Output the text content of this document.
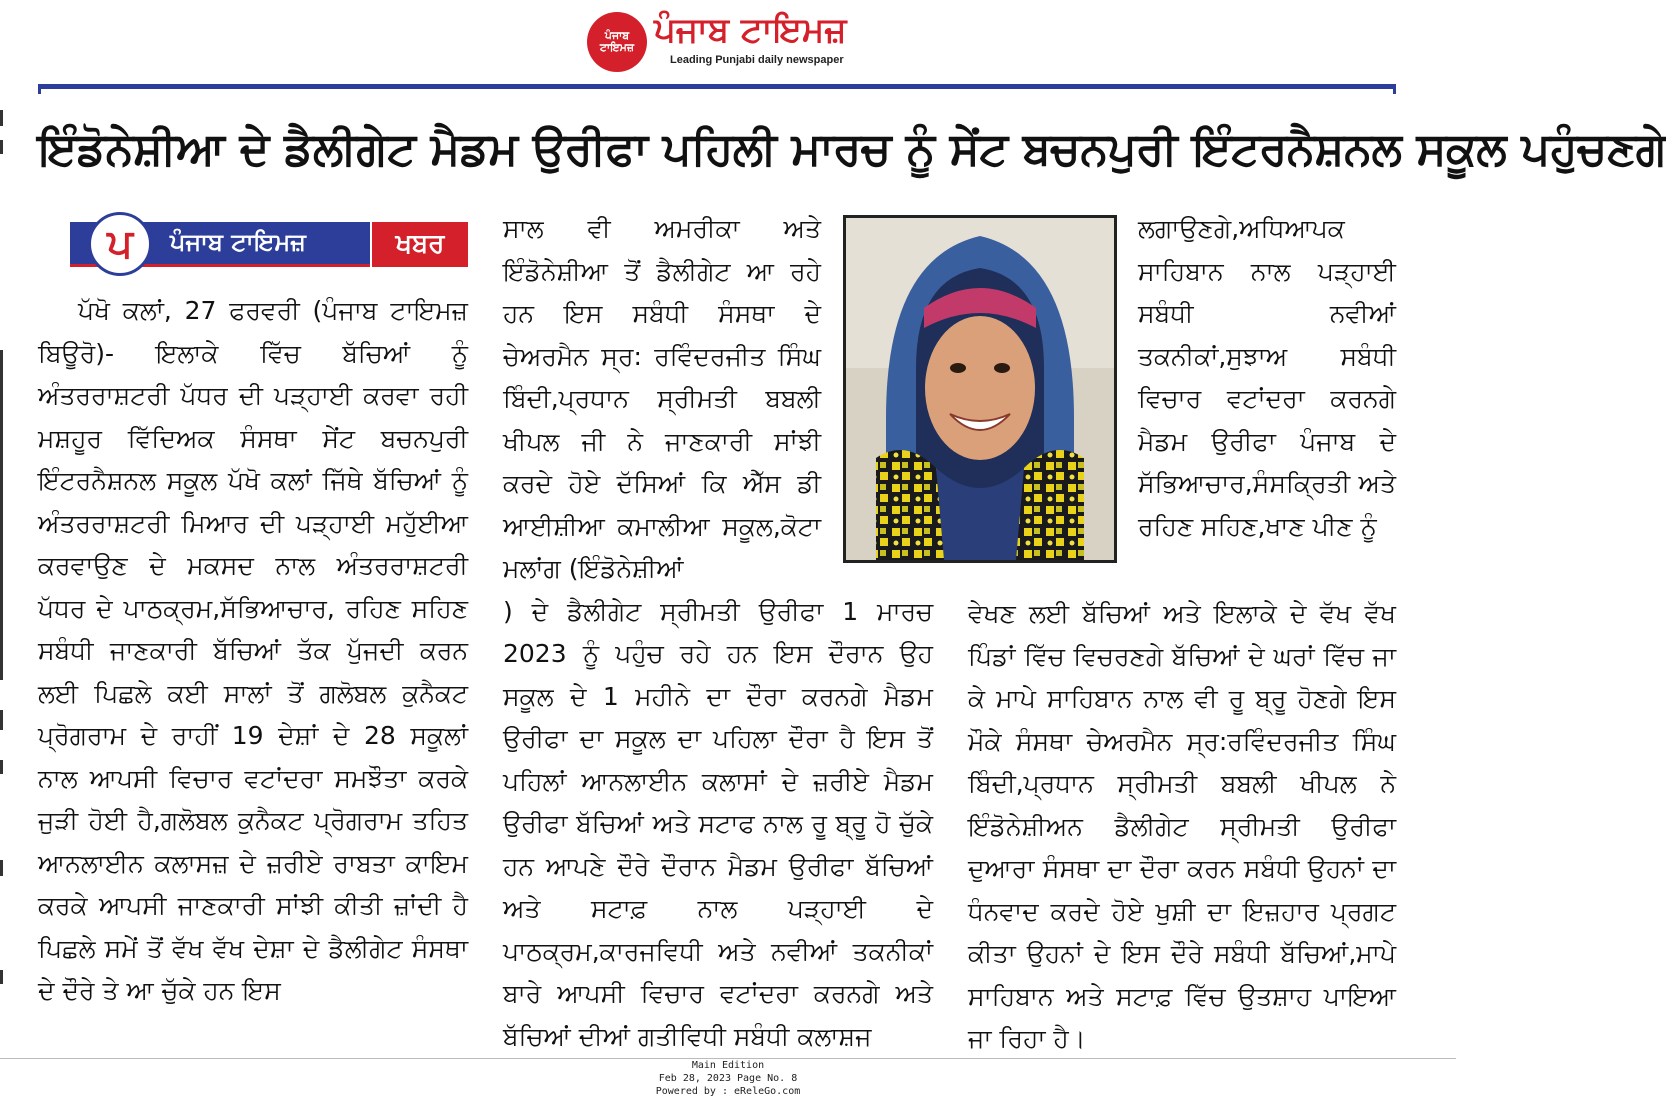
ਪੰਜਾਬ ਟਾਇਮਜ਼ ਪੰਜਾਬ ਟਾਇਮਜ਼
Leading Punjabi daily newspaper
ਇੰਡੋਨੇਸ਼ੀਆ ਦੇ ਡੈਲੀਗੇਟ ਮੈਡਮ ਉਰੀਫਾ ਪਹਿਲੀ ਮਾਰਚ ਨੂੰ ਸੇਂਟ ਬਚਨਪੁਰੀ ਇੰਟਰਨੈਸ਼ਨਲ ਸਕੂਲ ਪਹੁੰਚਣਗੇ
ਪ	ਪੰਜਾਬ ਟਾਇਮਜ਼	ਖਬਰ
ਪੱਖੋ ਕਲਾਂ, 27 ਫਰਵਰੀ (ਪੰਜਾਬ ਟਾਇਮਜ਼ ਬਿਊਰੋ)- ਇਲਾਕੇ ਵਿੱਚ ਬੱਚਿਆਂ ਨੂੰ ਅੰਤਰਰਾਸ਼ਟਰੀ ਪੱਧਰ ਦੀ ਪੜ੍ਹਾਈ ਕਰਵਾ ਰਹੀ ਮਸ਼ਹੂਰ ਵਿੱਦਿਅਕ ਸੰਸਥਾ ਸੇਂਟ ਬਚਨਪੁਰੀ ਇੰਟਰਨੈਸ਼ਨਲ ਸਕੂਲ ਪੱਖੋ ਕਲਾਂ ਜਿੱਥੇ ਬੱਚਿਆਂ ਨੂੰ ਅੰਤਰਰਾਸ਼ਟਰੀ ਮਿਆਰ ਦੀ ਪੜ੍ਹਾਈ ਮਹੁੱਈਆ ਕਰਵਾਉਣ ਦੇ ਮਕਸਦ ਨਾਲ ਅੰਤਰਰਾਸ਼ਟਰੀ ਪੱਧਰ ਦੇ ਪਾਠਕ੍ਰਮ,ਸੱਭਿਆਚਾਰ, ਰਹਿਣ ਸਹਿਣ ਸਬੰਧੀ ਜਾਣਕਾਰੀ ਬੱਚਿਆਂ ਤੱਕ ਪੁੱਜਦੀ ਕਰਨ ਲਈ ਪਿਛਲੇ ਕਈ ਸਾਲਾਂ ਤੋਂ ਗਲੋਬਲ ਕੁਨੈਕਟ ਪ੍ਰੋਗਰਾਮ ਦੇ ਰਾਹੀਂ 19 ਦੇਸ਼ਾਂ ਦੇ 28 ਸਕੂਲਾਂ ਨਾਲ ਆਪਸੀ ਵਿਚਾਰ ਵਟਾਂਦਰਾ ਸਮਝੌਤਾ ਕਰਕੇ ਜੁੜੀ ਹੋਈ ਹੈ,ਗਲੋਬਲ ਕੁਨੈਕਟ ਪ੍ਰੋਗਰਾਮ ਤਹਿਤ ਆਨਲਾਈਨ ਕਲਾਸਜ਼ ਦੇ ਜ਼ਰੀਏ ਰਾਬਤਾ ਕਾਇਮ ਕਰਕੇ ਆਪਸੀ ਜਾਣਕਾਰੀ ਸਾਂਝੀ ਕੀਤੀ ਜ਼ਾਂਦੀ ਹੈ ਪਿਛਲੇ ਸਮੇਂ ਤੋਂ ਵੱਖ ਵੱਖ ਦੇਸ਼ਾ ਦੇ ਡੈਲੀਗੇਟ ਸੰਸਥਾ ਦੇ ਦੌਰੇ ਤੇ ਆ ਚੁੱਕੇ ਹਨ ਇਸ
ਸਾਲ ਵੀ ਅਮਰੀਕਾ ਅਤੇ ਇੰਡੋਨੇਸ਼ੀਆ ਤੋਂ ਡੈਲੀਗੇਟ ਆ ਰਹੇ ਹਨ ਇਸ ਸਬੰਧੀ ਸੰਸਥਾ ਦੇ ਚੇਅਰਮੈਨ ਸ੍ਰ: ਰਵਿੰਦਰਜੀਤ ਸਿੰਘ ਬਿੰਦੀ,ਪ੍ਰਧਾਨ ਸ੍ਰੀਮਤੀ ਬਬਲੀ ਖੀਪਲ ਜੀ ਨੇ ਜਾਣਕਾਰੀ ਸਾਂਝੀ ਕਰਦੇ ਹੋਏ ਦੱਸਿਆਂ ਕਿ ਐੱਸ ਡੀ ਆਈਸ਼ੀਆ ਕਮਾਲੀਆ ਸਕੂਲ,ਕੋਟਾ ਮਲਾਂਗ (ਇੰਡੋਨੇਸ਼ੀਆਂ
) ਦੇ ਡੈਲੀਗੇਟ ਸ੍ਰੀਮਤੀ ਉਰੀਫਾ 1 ਮਾਰਚ 2023 ਨੂੰ ਪਹੁੰਚ ਰਹੇ ਹਨ ਇਸ ਦੌਰਾਨ ਉਹ ਸਕੂਲ ਦੇ 1 ਮਹੀਨੇ ਦਾ ਦੌਰਾ ਕਰਨਗੇ ਮੈਡਮ ਉਰੀਫਾ ਦਾ ਸਕੂਲ ਦਾ ਪਹਿਲਾ ਦੌਰਾ ਹੈ ਇਸ ਤੋਂ ਪਹਿਲਾਂ ਆਨਲਾਈਨ ਕਲਾਸਾਂ ਦੇ ਜ਼ਰੀਏ ਮੈਡਮ ਉਰੀਫਾ ਬੱਚਿਆਂ ਅਤੇ ਸਟਾਫ ਨਾਲ ਰੂ ਬ੍ਰੂ ਹੋ ਚੁੱਕੇ ਹਨ ਆਪਣੇ ਦੌਰੇ ਦੌਰਾਨ ਮੈਡਮ ਉਰੀਫਾ ਬੱਚਿਆਂ ਅਤੇ ਸਟਾਫ਼ ਨਾਲ ਪੜ੍ਹਾਈ ਦੇ ਪਾਠਕ੍ਰਮ,ਕਾਰਜਵਿਧੀ ਅਤੇ ਨਵੀਆਂ ਤਕਨੀਕਾਂ ਬਾਰੇ ਆਪਸੀ ਵਿਚਾਰ ਵਟਾਂਦਰਾ ਕਰਨਗੇ ਅਤੇ ਬੱਚਿਆਂ ਦੀਆਂ ਗਤੀਵਿਧੀ ਸਬੰਧੀ ਕਲਾਸ਼ਜ
ਲਗਾਉਣਗੇ,ਅਧਿਆਪਕ ਸਾਹਿਬਾਨ ਨਾਲ ਪੜ੍ਹਾਈ ਸਬੰਧੀ ਨਵੀਆਂ ਤਕਨੀਕਾਂ,ਸੁਝਾਅ ਸਬੰਧੀ ਵਿਚਾਰ ਵਟਾਂਦਰਾ ਕਰਨਗੇ ਮੈਡਮ ਉਰੀਫਾ ਪੰਜਾਬ ਦੇ ਸੱਭਿਆਚਾਰ,ਸੰਸਕ੍ਰਿਤੀ ਅਤੇ ਰਹਿਣ ਸਹਿਣ,ਖਾਣ ਪੀਣ ਨੂੰ
ਵੇਖਣ ਲਈ ਬੱਚਿਆਂ ਅਤੇ ਇਲਾਕੇ ਦੇ ਵੱਖ ਵੱਖ ਪਿੰਡਾਂ ਵਿੱਚ ਵਿਚਰਣਗੇ ਬੱਚਿਆਂ ਦੇ ਘਰਾਂ ਵਿੱਚ ਜਾ ਕੇ ਮਾਪੇ ਸਾਹਿਬਾਨ ਨਾਲ ਵੀ ਰੂ ਬ੍ਰੂ ਹੋਣਗੇ ਇਸ ਮੌਕੇ ਸੰਸਥਾ ਚੇਅਰਮੈਨ ਸ੍ਰ:ਰਵਿੰਦਰਜੀਤ ਸਿੰਘ ਬਿੰਦੀ,ਪ੍ਰਧਾਨ ਸ੍ਰੀਮਤੀ ਬਬਲੀ ਖੀਪਲ ਨੇ ਇੰਡੋਨੇਸ਼ੀਅਨ ਡੈਲੀਗੇਟ ਸ੍ਰੀਮਤੀ ਉਰੀਫਾ ਦੁਆਰਾ ਸੰਸਥਾ ਦਾ ਦੌਰਾ ਕਰਨ ਸਬੰਧੀ ਉਹਨਾਂ ਦਾ ਧੰਨਵਾਦ ਕਰਦੇ ਹੋਏ ਖੁਸ਼ੀ ਦਾ ਇਜ਼ਹਾਰ ਪ੍ਰਗਟ ਕੀਤਾ ਉਹਨਾਂ ਦੇ ਇਸ ਦੌਰੇ ਸਬੰਧੀ ਬੱਚਿਆਂ,ਮਾਪੇ ਸਾਹਿਬਾਨ ਅਤੇ ਸਟਾਫ਼ ਵਿੱਚ ਉਤਸ਼ਾਹ ਪਾਇਆ ਜਾ ਰਿਹਾ ਹੈ।
Main Edition
Feb 28, 2023 Page No. 8
Powered by : eReleGo.com
